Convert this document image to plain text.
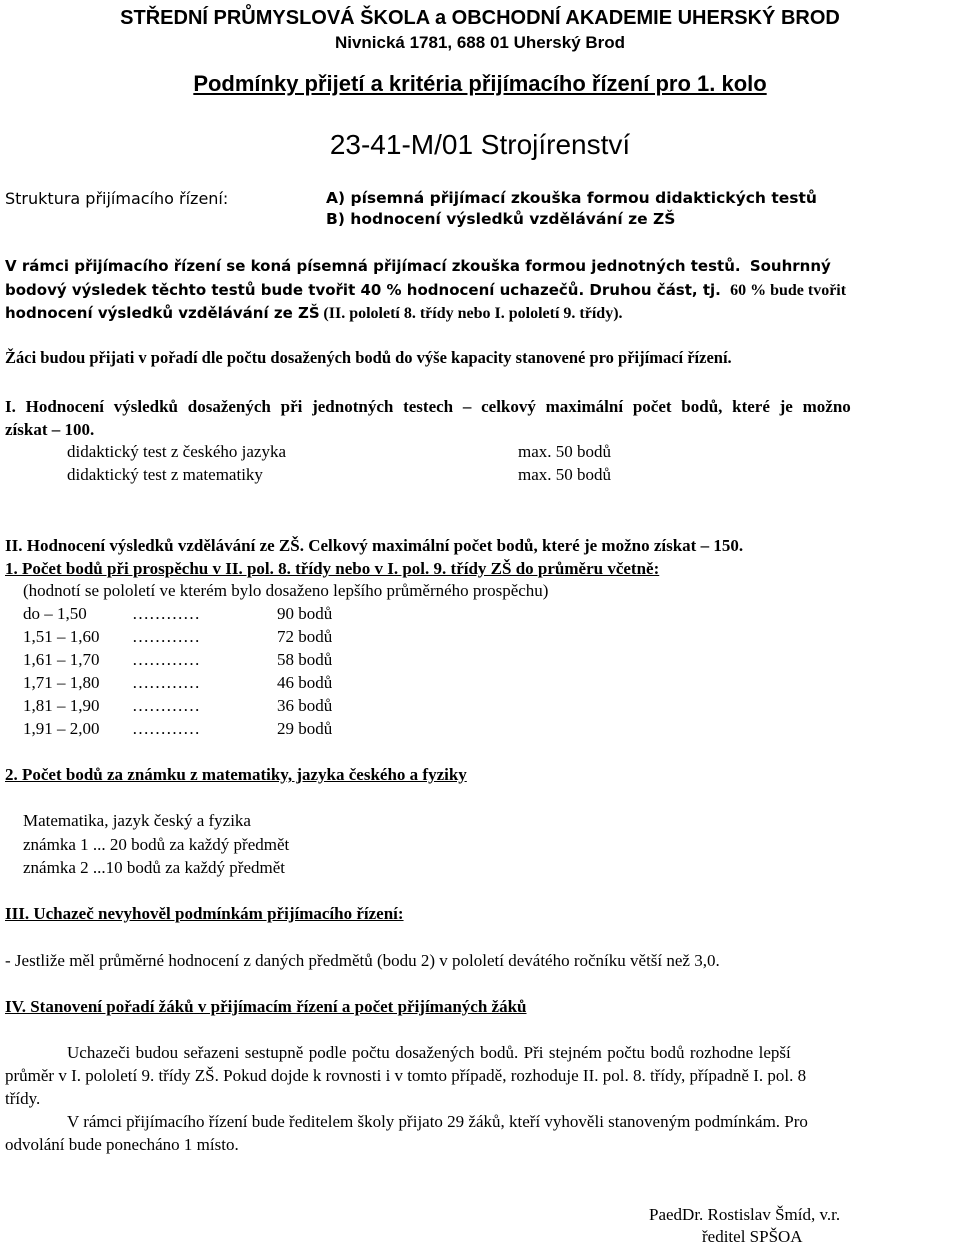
STŘEDNÍ PRŮMYSLOVÁ ŠKOLA a OBCHODNÍ AKADEMIE UHERSKÝ BROD
Nivnická 1781, 688 01 Uherský Brod
Podmínky přijetí a kritéria přijímacího řízení pro 1. kolo
23-41-M/01 Strojírenství
Struktura přijímacího řízení:	A) písemná přijímací zkouška formou didaktických testů
B) hodnocení výsledků vzdělávání ze ZŠ
V rámci přijímacího řízení se koná písemná přijímací zkouška formou jednotných testů. Souhrnný
bodový výsledek těchto testů bude tvořit 40 % hodnocení uchazečů. Druhou část, tj. 60 % bude tvořit
hodnocení výsledků vzdělávání ze ZŠ (II. pololetí 8. třídy nebo I. pololetí 9. třídy).
Žáci budou přijati v pořadí dle počtu dosažených bodů do výše kapacity stanovené pro přijímací řízení.
I. Hodnocení výsledků dosažených při jednotných testech – celkový maximální počet bodů, které je možno
získat – 100.
didaktický test z českého jazyka	max. 50 bodů
didaktický test z matematiky	max. 50 bodů
II. Hodnocení výsledků vzdělávání ze ZŠ. Celkový maximální počet bodů, které je možno získat – 150.
1. Počet bodů při prospěchu v II. pol. 8. třídy nebo v I. pol. 9. třídy ZŠ do průměru včetně:
(hodnotí se pololetí ve kterém bylo dosaženo lepšího průměrného prospěchu)
do – 1,50	…………	90 bodů
1,51 – 1,60 …………	72 bodů
1,61 – 1,70 …………	58 bodů
1,71 – 1,80 …………	46 bodů
1,81 – 1,90 …………	36 bodů
1,91 – 2,00 …………	29 bodů
2. Počet bodů za známku z matematiky, jazyka českého a fyziky
Matematika, jazyk český a fyzika
známka 1 ... 20 bodů za každý předmět
známka 2 ...10 bodů za každý předmět
III. Uchazeč nevyhověl podmínkám přijímacího řízení:
- Jestliže měl průměrné hodnocení z daných předmětů (bodu 2) v pololetí devátého ročníku větší než 3,0.
IV. Stanovení pořadí žáků v přijímacím řízení a počet přijímaných žáků
Uchazeči budou seřazeni sestupně podle počtu dosažených bodů. Při stejném počtu bodů rozhodne lepší
průměr v I. pololetí 9. třídy ZŠ. Pokud dojde k rovnosti i v tomto případě, rozhoduje II. pol. 8. třídy, případně I. pol. 8
třídy.
V rámci přijímacího řízení bude ředitelem školy přijato 29 žáků, kteří vyhověli stanoveným podmínkám. Pro
odvolání bude ponecháno 1 místo.
PaedDr. Rostislav Šmíd, v.r.
ředitel SPŠOA
